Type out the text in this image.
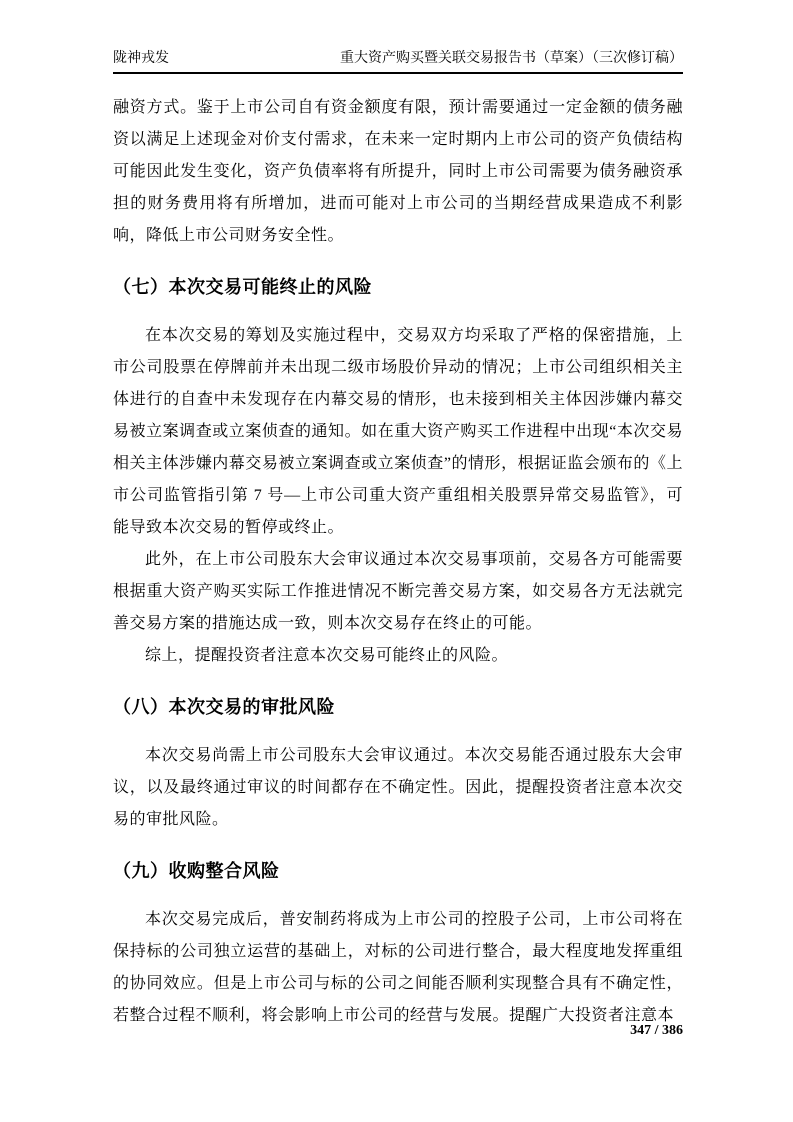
陇神戎发	重大资产购买暨关联交易报告书（草案）（三次修订稿）

融资方式。鉴于上市公司自有资金额度有限，预计需要通过一定金额的债务融资以满足上述现金对价支付需求，在未来一定时期内上市公司的资产负债结构可能因此发生变化，资产负债率将有所提升，同时上市公司需要为债务融资承担的财务费用将有所增加，进而可能对上市公司的当期经营成果造成不利影响，降低上市公司财务安全性。

（七）本次交易可能终止的风险

在本次交易的筹划及实施过程中，交易双方均采取了严格的保密措施，上市公司股票在停牌前并未出现二级市场股价异动的情况；上市公司组织相关主体进行的自查中未发现存在内幕交易的情形，也未接到相关主体因涉嫌内幕交易被立案调查或立案侦查的通知。如在重大资产购买工作进程中出现“本次交易相关主体涉嫌内幕交易被立案调查或立案侦查”的情形，根据证监会颁布的《上市公司监管指引第 7 号—上市公司重大资产重组相关股票异常交易监管》，可能导致本次交易的暂停或终止。

此外，在上市公司股东大会审议通过本次交易事项前，交易各方可能需要根据重大资产购买实际工作推进情况不断完善交易方案，如交易各方无法就完善交易方案的措施达成一致，则本次交易存在终止的可能。

综上，提醒投资者注意本次交易可能终止的风险。

（八）本次交易的审批风险

本次交易尚需上市公司股东大会审议通过。本次交易能否通过股东大会审议，以及最终通过审议的时间都存在不确定性。因此，提醒投资者注意本次交易的审批风险。

（九）收购整合风险

本次交易完成后，普安制药将成为上市公司的控股子公司，上市公司将在保持标的公司独立运营的基础上，对标的公司进行整合，最大程度地发挥重组的协同效应。但是上市公司与标的公司之间能否顺利实现整合具有不确定性，若整合过程不顺利，将会影响上市公司的经营与发展。提醒广大投资者注意本

347 / 386
